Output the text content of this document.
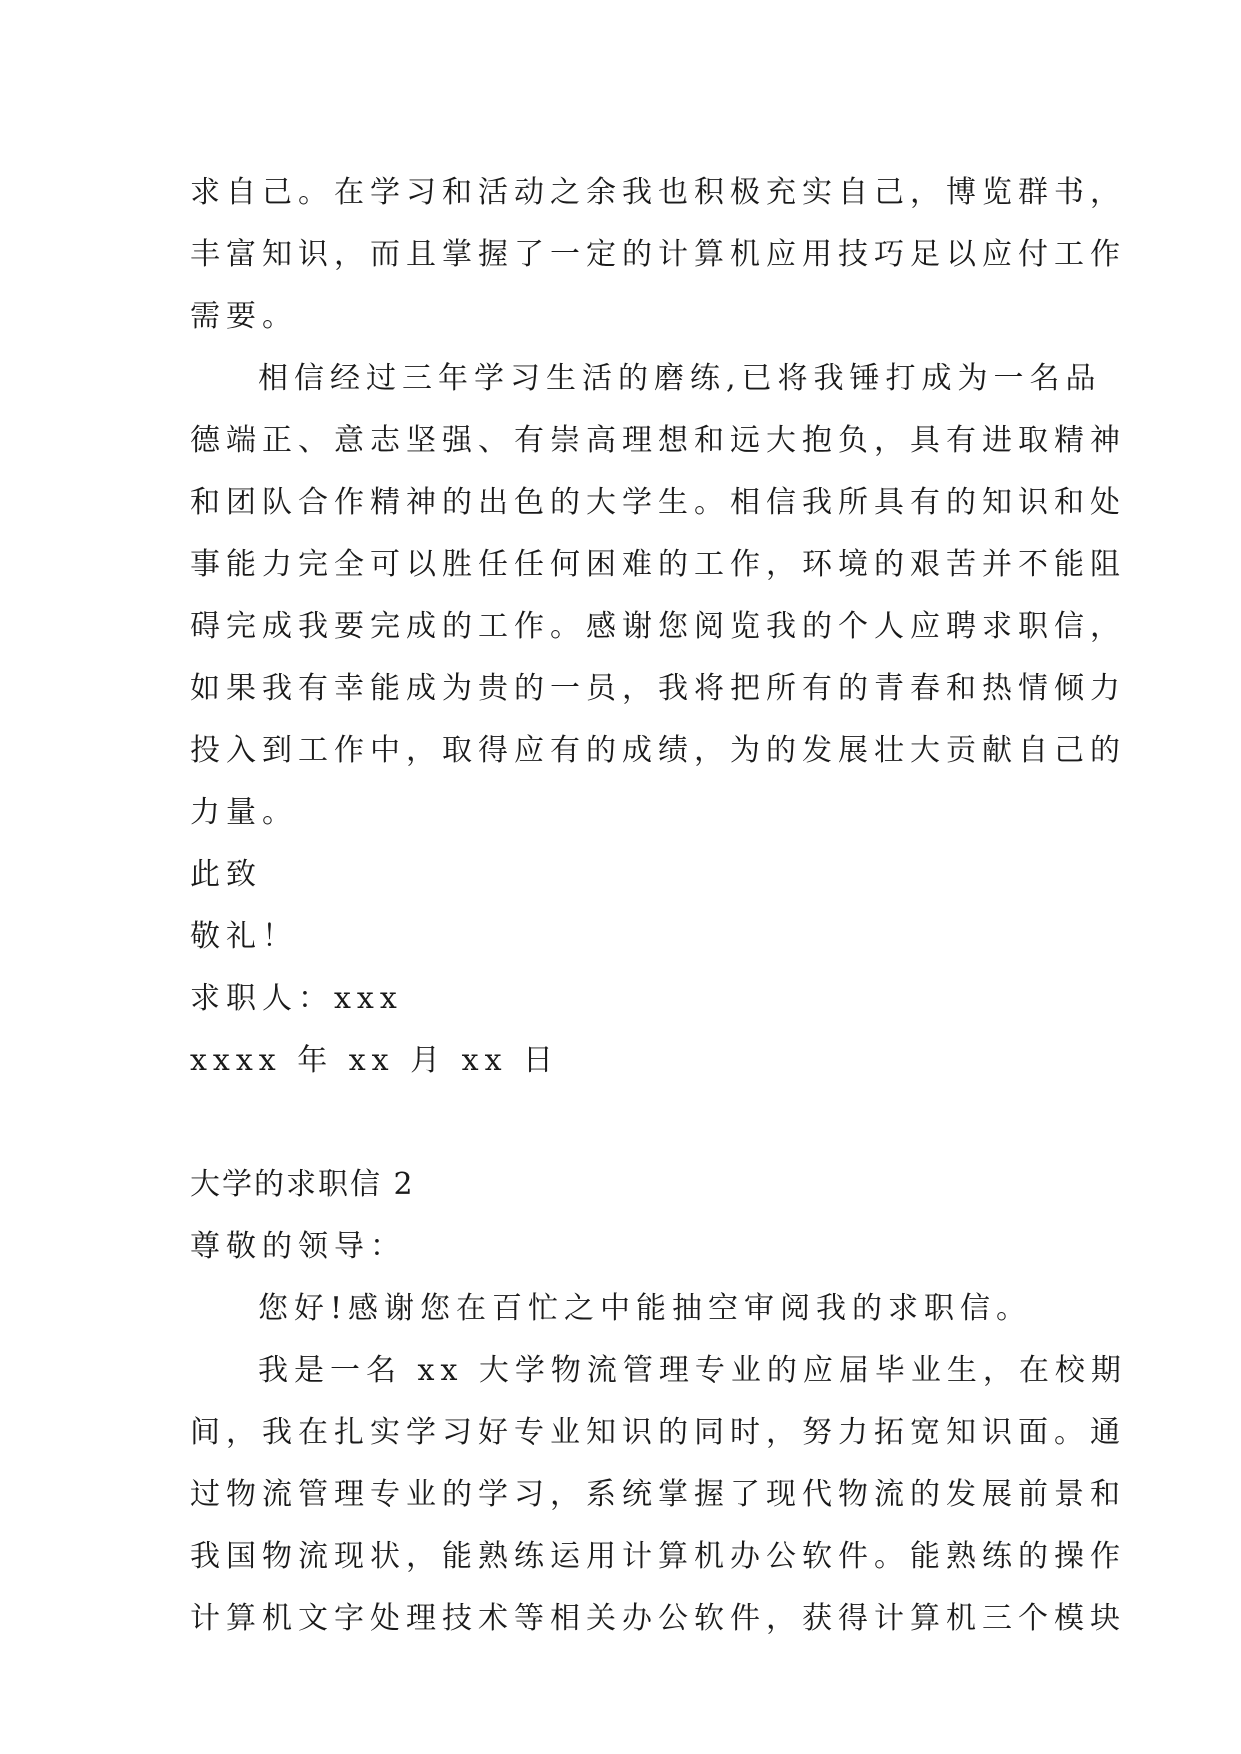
求自己。在学习和活动之余我也积极充实自己，博览群书，
丰富知识，而且掌握了一定的计算机应用技巧足以应付工作
需要。
相信经过三年学习生活的磨练,已将我锤打成为一名品
德端正、意志坚强、有崇高理想和远大抱负，具有进取精神
和团队合作精神的出色的大学生。相信我所具有的知识和处
事能力完全可以胜任任何困难的工作，环境的艰苦并不能阻
碍完成我要完成的工作。感谢您阅览我的个人应聘求职信，
如果我有幸能成为贵的一员，我将把所有的青春和热情倾力
投入到工作中，取得应有的成绩，为的发展壮大贡献自己的
力量。
此致
敬礼！
求职人：xxx
xxxx 年 xx 月 xx 日
大学的求职信 2
尊敬的领导：
您好!感谢您在百忙之中能抽空审阅我的求职信。
我是一名 xx 大学物流管理专业的应届毕业生，在校期
间，我在扎实学习好专业知识的同时，努力拓宽知识面。通
过物流管理专业的学习，系统掌握了现代物流的发展前景和
我国物流现状，能熟练运用计算机办公软件。能熟练的操作
计算机文字处理技术等相关办公软件，获得计算机三个模块
